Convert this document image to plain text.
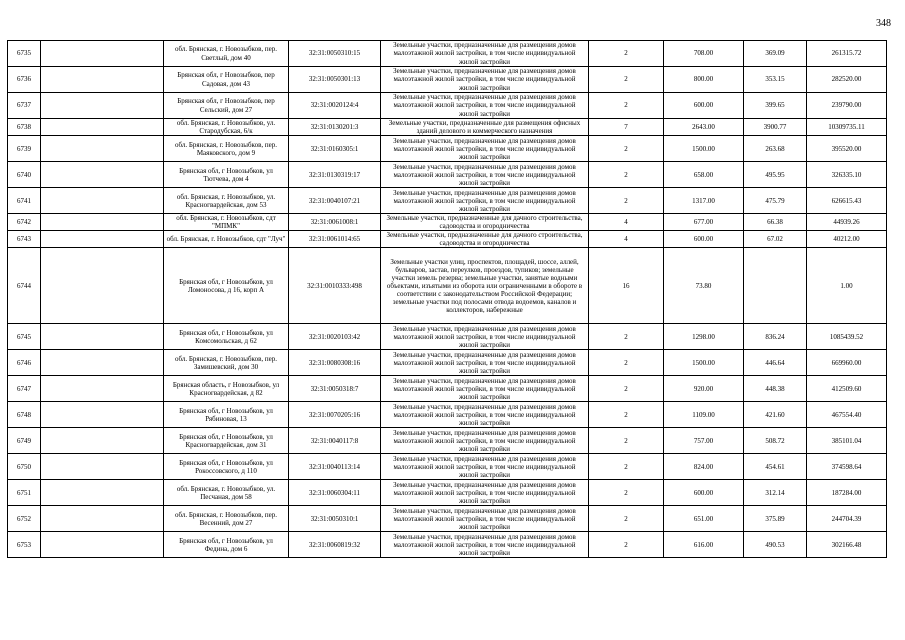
348
6735		обл. Брянская, г. Новозыбков, пер. Светлый, дом 40	32:31:0050310:15	Земельные участки, предназначенные для размещения домов малоэтажной жилой застройки, в том числе индивидуальной жилой застройки	2	708.00	369.09	261315.72
6736		Брянская обл, г Новозыбков, пер Садовая, дом 43	32:31:0050301:13	Земельные участки, предназначенные для размещения домов малоэтажной жилой застройки, в том числе индивидуальной жилой застройки	2	800.00	353.15	282520.00
6737		Брянская обл, г Новозыбков, пер Сельский, дом 27	32:31:0020124:4	Земельные участки, предназначенные для размещения домов малоэтажной жилой застройки, в том числе индивидуальной жилой застройки	2	600.00	399.65	239790.00
6738		обл. Брянская, г. Новозыбков, ул. Стародубская, 6/к	32:31:0130201:3	Земельные участки, предназначенные для размещения офисных зданий делового и коммерческого назначения	7	2643.00	3900.77	10309735.11
6739		обл. Брянская, г. Новозыбков, пер. Маяковского, дом 9	32:31:0160305:1	Земельные участки, предназначенные для размещения домов малоэтажной жилой застройки, в том числе индивидуальной жилой застройки	2	1500.00	263.68	395520.00
6740		Брянская обл, г Новозыбков, ул Тютчева, дом 4	32:31:0130319:17	Земельные участки, предназначенные для размещения домов малоэтажной жилой застройки, в том числе индивидуальной жилой застройки	2	658.00	495.95	326335.10
6741		обл. Брянская, г. Новозыбков, ул. Красногвардейская, дом 53	32:31:0040107:21	Земельные участки, предназначенные для размещения домов малоэтажной жилой застройки, в том числе индивидуальной жилой застройки	2	1317.00	475.79	626615.43
6742		обл. Брянская, г. Новозыбков, сдт "МПМК"	32:31:0061008:1	Земельные участки, предназначенные для дачного строительства, садоводства и огородничества	4	677.00	66.38	44939.26
6743		обл. Брянская, г. Новозыбков, сдт "Луч"	32:31:0061014:65	Земельные участки, предназначенные для дачного строительства, садоводства и огородничества	4	600.00	67.02	40212.00
6744		Брянская обл, г Новозыбков, ул Ломоносова, д 16, корп А	32:31:0010333:498	Земельные участки улиц, проспектов, площадей, шоссе, аллей, бульваров, застав, переулков, проездов, тупиков; земельные участки земель резерва; земельные участки, занятые водными объектами, изъятыми из оборота или ограниченными в обороте в соответствии с законодательством Российской Федерации; земельные участки под полосами отвода водоемов, каналов и коллекторов, набережные	16	73.80		1.00
6745		Брянская обл, г Новозыбков, ул Комсомольская, д 62	32:31:0020103:42	Земельные участки, предназначенные для размещения домов малоэтажной жилой застройки, в том числе индивидуальной жилой застройки	2	1298.00	836.24	1085439.52
6746		обл. Брянская, г. Новозыбков, пер. Замишевский, дом 30	32:31:0080308:16	Земельные участки, предназначенные для размещения домов малоэтажной жилой застройки, в том числе индивидуальной жилой застройки	2	1500.00	446.64	669960.00
6747		Брянская область, г Новозыбков, ул Красногвардейская, д 82	32:31:0050318:7	Земельные участки, предназначенные для размещения домов малоэтажной жилой застройки, в том числе индивидуальной жилой застройки	2	920.00	448.38	412509.60
6748		Брянская обл, г Новозыбков, ул Рябиновая, 13	32:31:0070205:16	Земельные участки, предназначенные для размещения домов малоэтажной жилой застройки, в том числе индивидуальной жилой застройки	2	1109.00	421.60	467554.40
6749		Брянская обл, г Новозыбков, ул Красногвардейская, дом 31	32:31:0040117:8	Земельные участки, предназначенные для размещения домов малоэтажной жилой застройки, в том числе индивидуальной жилой застройки	2	757.00	508.72	385101.04
6750		Брянская обл, г Новозыбков, ул Рокоссовского, д 110	32:31:0040113:14	Земельные участки, предназначенные для размещения домов малоэтажной жилой застройки, в том числе индивидуальной жилой застройки	2	824.00	454.61	374598.64
6751		обл. Брянская, г. Новозыбков, ул. Песчаная, дом 58	32:31:0060304:11	Земельные участки, предназначенные для размещения домов малоэтажной жилой застройки, в том числе индивидуальной жилой застройки	2	600.00	312.14	187284.00
6752		обл. Брянская, г. Новозыбков, пер. Весенний, дом 27	32:31:0050310:1	Земельные участки, предназначенные для размещения домов малоэтажной жилой застройки, в том числе индивидуальной жилой застройки	2	651.00	375.89	244704.39
6753		Брянская обл, г Новозыбков, ул Федина, дом 6	32:31:0060819:32	Земельные участки, предназначенные для размещения домов малоэтажной жилой застройки, в том числе индивидуальной жилой застройки	2	616.00	490.53	302166.48
